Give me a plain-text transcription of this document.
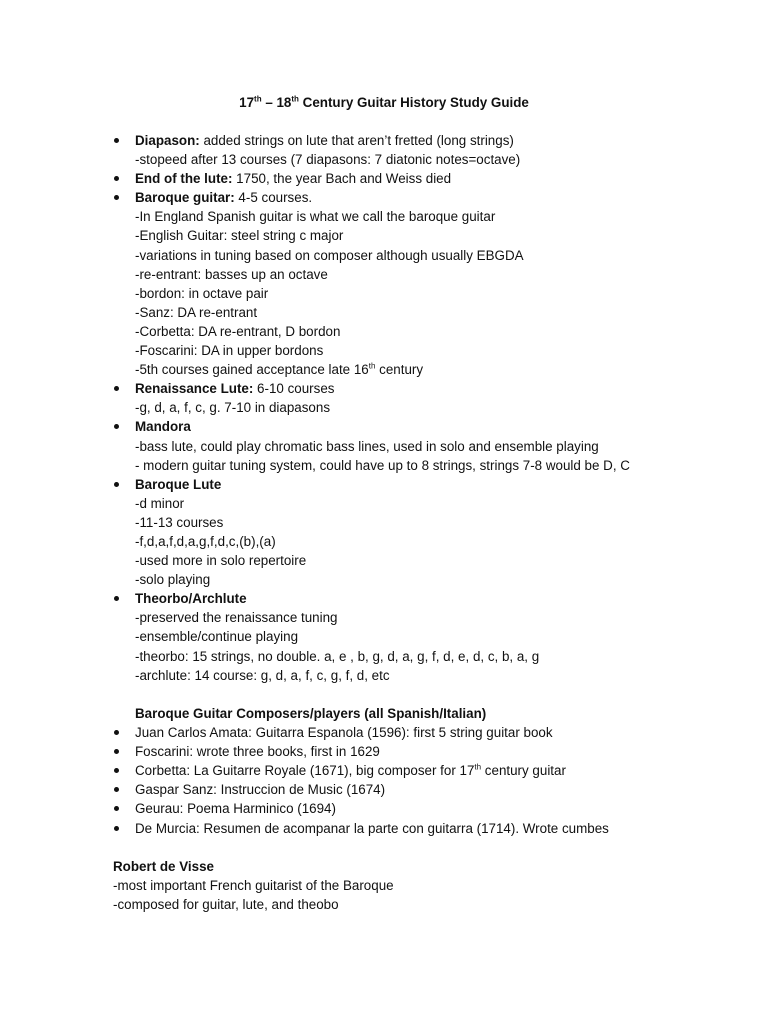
17th – 18th Century Guitar History Study Guide
Diapason: added strings on lute that aren’t fretted (long strings)
-stopeed after 13 courses (7 diapasons: 7 diatonic notes=octave)
End of the lute: 1750, the year Bach and Weiss died
Baroque guitar: 4-5 courses.
-In England Spanish guitar is what we call the baroque guitar
-English Guitar: steel string c major
-variations in tuning based on composer although usually EBGDA
-re-entrant: basses up an octave
-bordon: in octave pair
-Sanz: DA re-entrant
-Corbetta: DA re-entrant, D bordon
-Foscarini: DA in upper bordons
-5th courses gained acceptance late 16th century
Renaissance Lute: 6-10 courses
-g, d, a, f, c, g. 7-10 in diapasons
Mandora
-bass lute, could play chromatic bass lines, used in solo and ensemble playing
- modern guitar tuning system, could have up to 8 strings, strings 7-8 would be D, C
Baroque Lute
-d minor
-11-13 courses
-f,d,a,f,d,a,g,f,d,c,(b),(a)
-used more in solo repertoire
-solo playing
Theorbo/Archlute
-preserved the renaissance tuning
-ensemble/continue playing
-theorbo: 15 strings, no double. a, e , b, g, d, a, g, f, d, e, d, c, b, a, g
-archlute: 14 course: g, d, a, f, c, g, f, d, etc
Baroque Guitar Composers/players (all Spanish/Italian)
Juan Carlos Amata: Guitarra Espanola (1596): first 5 string guitar book
Foscarini: wrote three books, first in 1629
Corbetta: La Guitarre Royale (1671), big composer for 17th century guitar
Gaspar Sanz: Instruccion de Music (1674)
Geurau: Poema Harminico (1694)
De Murcia: Resumen de acompanar la parte con guitarra (1714). Wrote cumbes
Robert de Visse
-most important French guitarist of the Baroque
-composed for guitar, lute, and theobo
